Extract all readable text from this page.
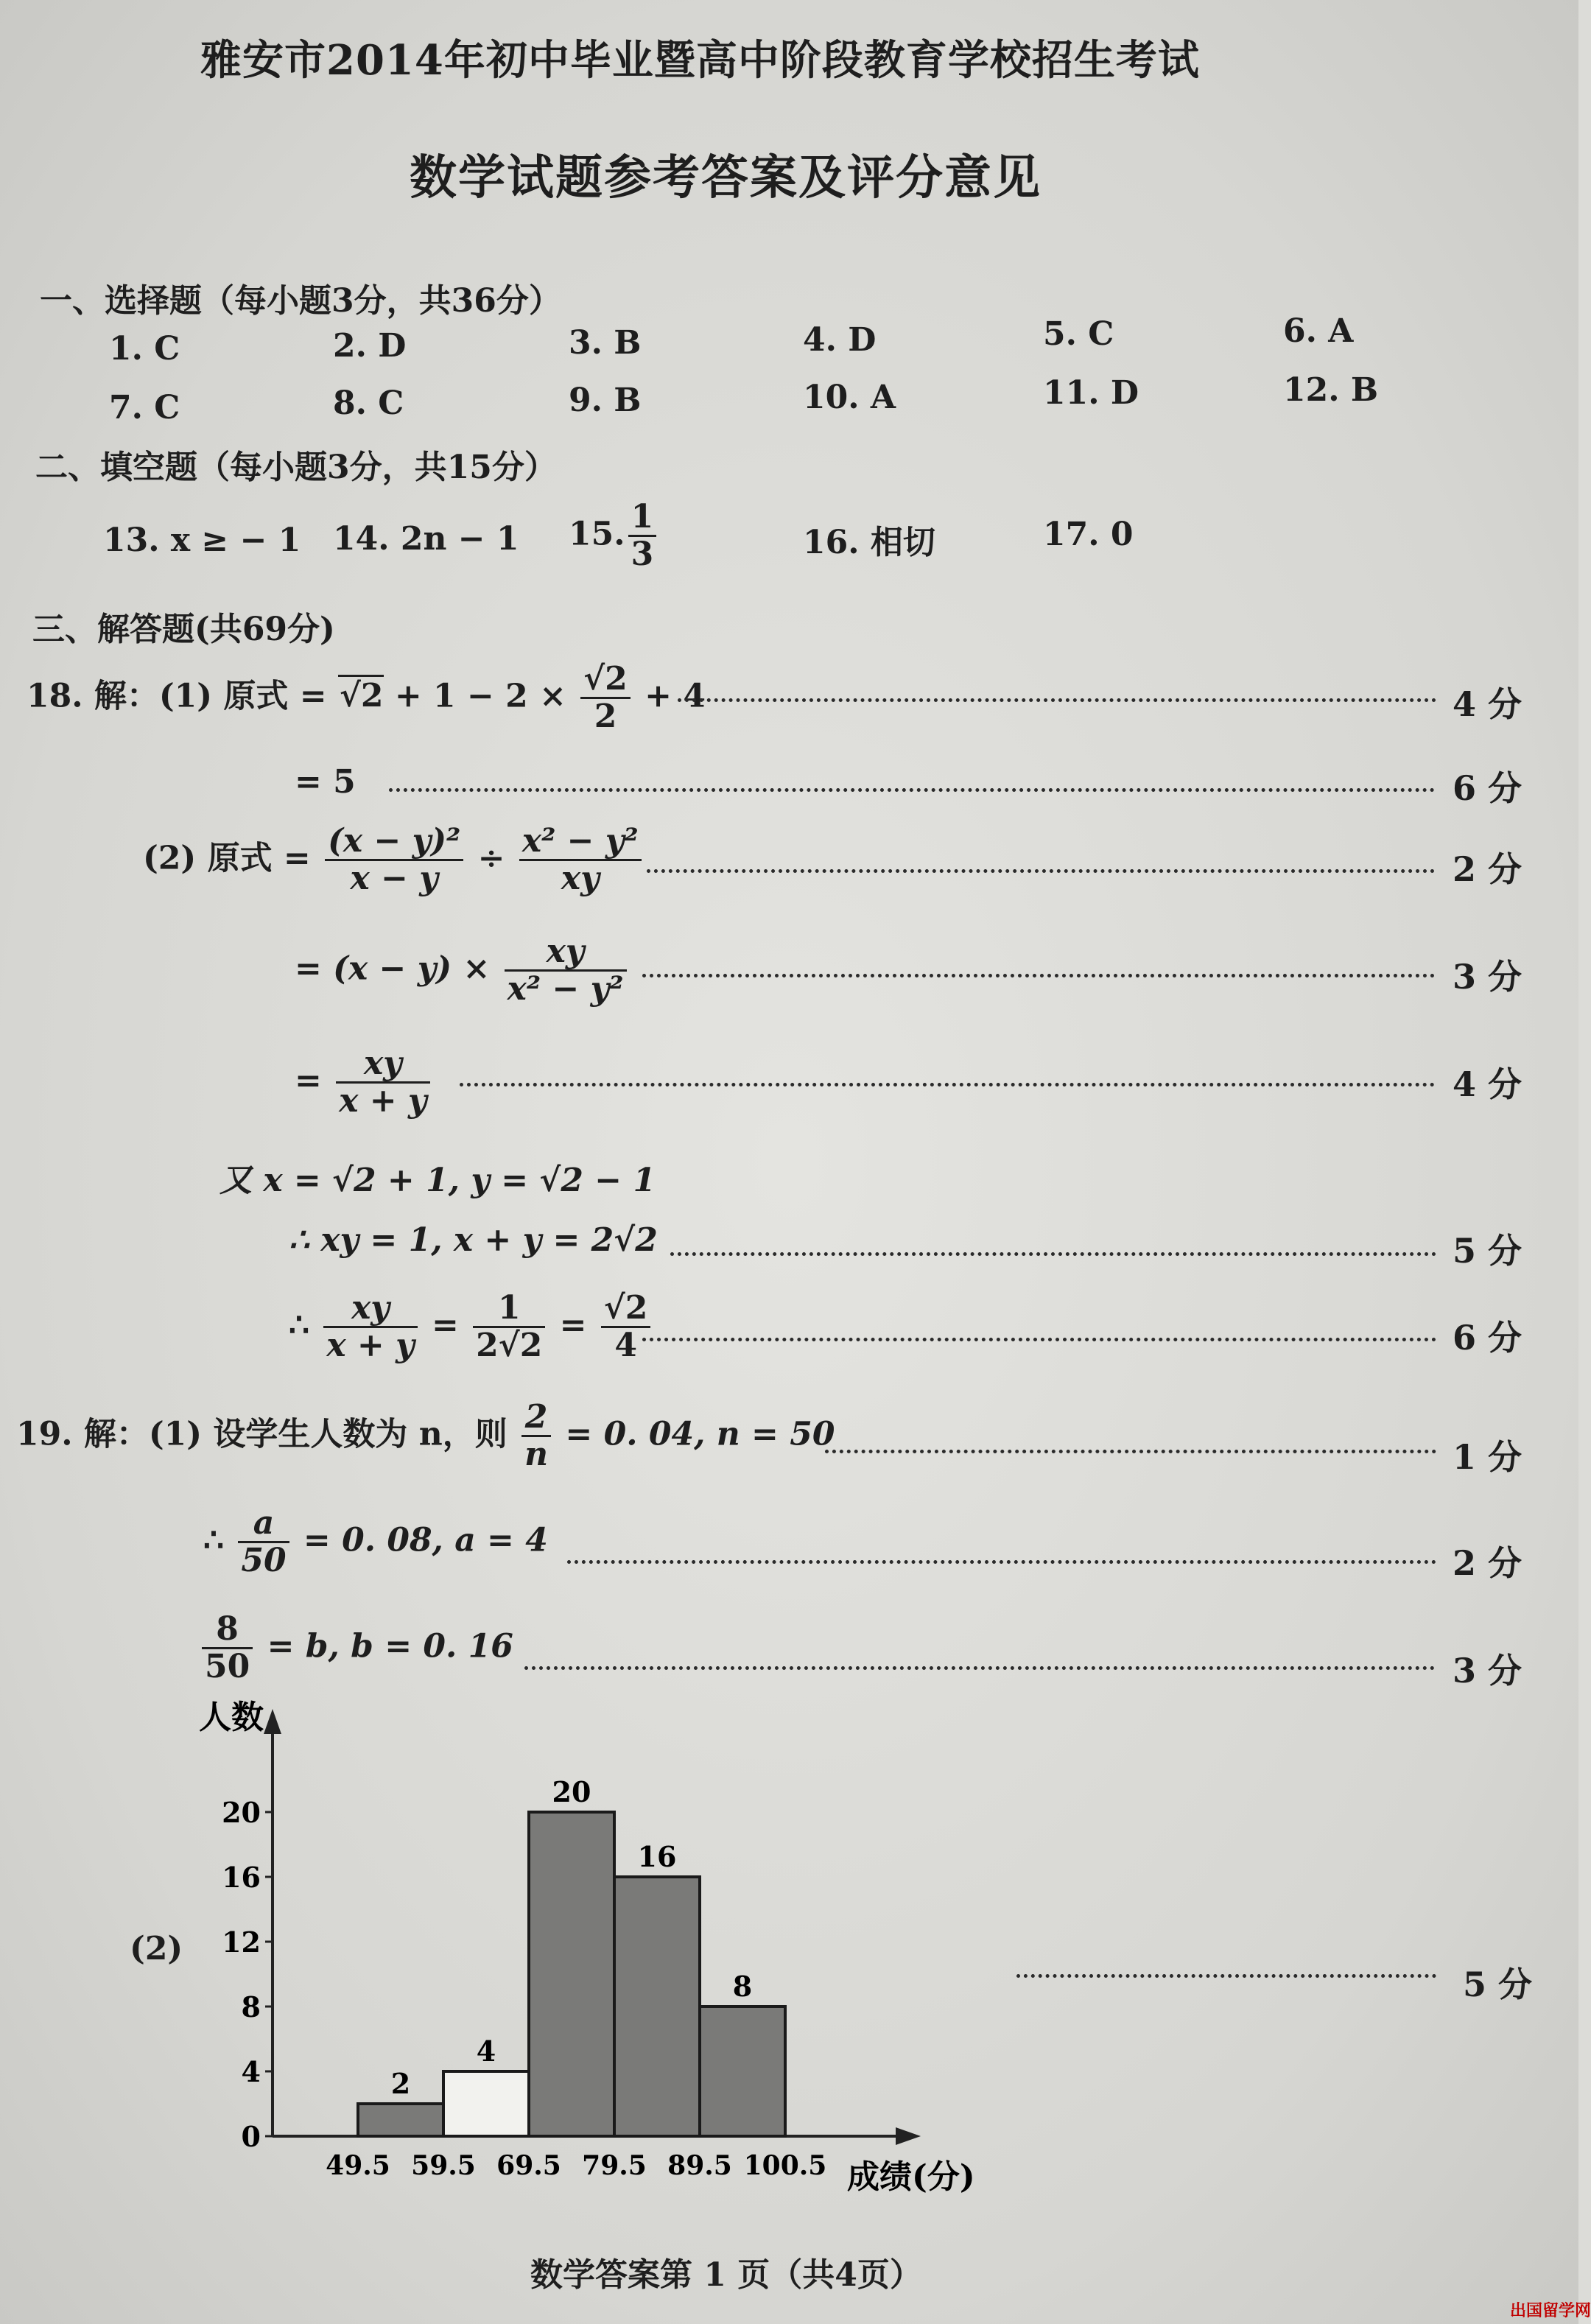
雅安市2014年初中毕业暨高中阶段教育学校招生考试
数学试题参考答案及评分意见
一、选择题（每小题3分，共36分）
1. C	2. D	3. B	4. D	5. C	6. A
7. C	8. C	9. B	10. A	11. D	12. B
二、填空题（每小题3分，共15分）
13. x ≥ − 1 14. 2n − 1 15. $\frac{1}{3}$	16. 相切	17. 0
三、解答题(共69分)
18. 解：(1) 原式 = $√2 + 1 - 2 \times \frac{√2}{2} + 4$	4 分
= 5	6 分
(2) 原式 = $\frac{\text{(x − y)²}}{x - y} \div \frac{\text{x² − y²}}{xy}$	2 分
= $(x - y) \times \frac{xy}{\text{x² − y²}}$	3 分
= $\frac{xy}{x + y}$	4 分
又 x = √2 + 1, y = √2 − 1
∴ xy = 1, x + y = 2√2	5 分
∴ $\frac{xy}{x + y} = \frac{1}{2√2} = \frac{√2}{4}$	6 分
19. 解：(1) 设学生人数为 n，则 $\frac{2}{n} = 0$. 04, n = 50
1 分
∴ $\frac{a}{50} = 0$. 08, a = 4
2 分
$\frac{8}{50} = b$, b = 0. 16
3 分
(2)
5 分
人数
成绩(分)
0
4
8
12
16
20
2
4
20
16
8
49.5 59.5 69.5 79.5 89.5 100.5
数学答案第 1 页（共4页）
出国留学网
